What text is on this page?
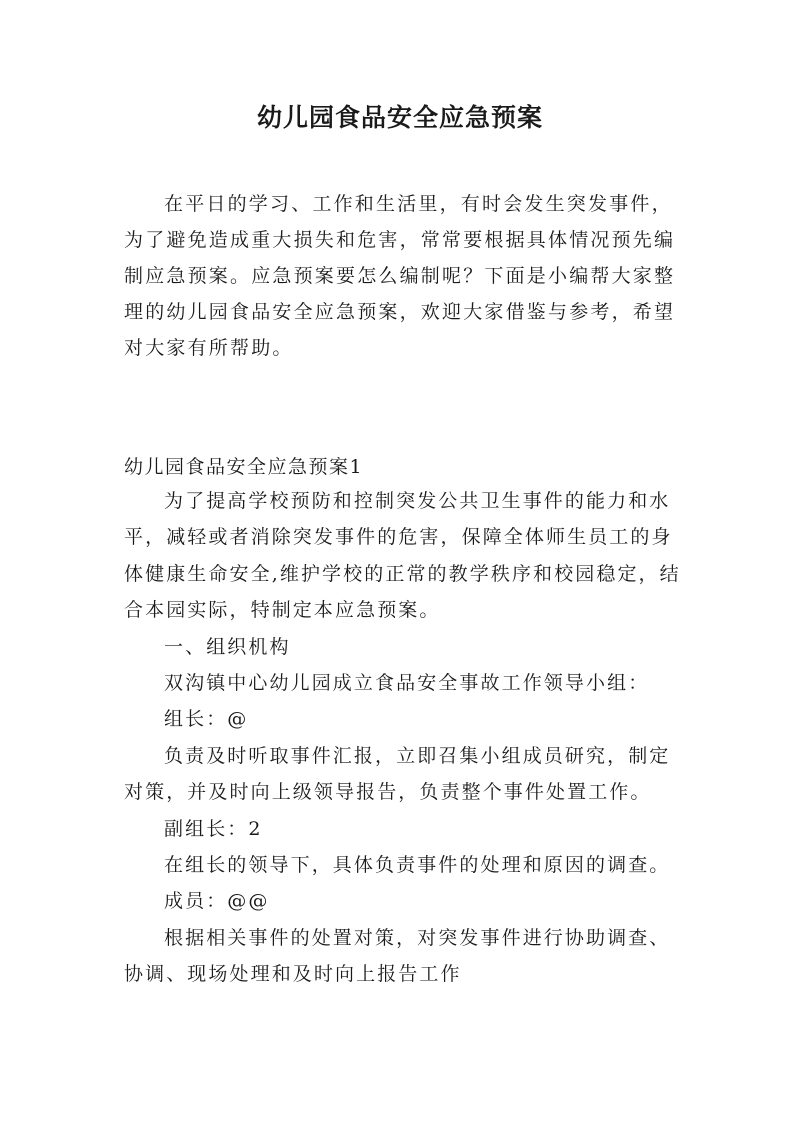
幼儿园食品安全应急预案

在平日的学习、工作和生活里，有时会发生突发事件，为了避免造成重大损失和危害，常常要根据具体情况预先编制应急预案。应急预案要怎么编制呢？下面是小编帮大家整理的幼儿园食品安全应急预案，欢迎大家借鉴与参考，希望对大家有所帮助。

幼儿园食品安全应急预案1

为了提高学校预防和控制突发公共卫生事件的能力和水平，减轻或者消除突发事件的危害，保障全体师生员工的身体健康生命安全,维护学校的正常的教学秩序和校园稳定，结合本园实际，特制定本应急预案。

一、组织机构

双沟镇中心幼儿园成立食品安全事故工作领导小组：

组长：@

负责及时听取事件汇报，立即召集小组成员研究，制定对策，并及时向上级领导报告，负责整个事件处置工作。

副组长：2

在组长的领导下，具体负责事件的处理和原因的调查。

成员：@@

根据相关事件的处置对策，对突发事件进行协助调查、协调、现场处理和及时向上报告工作
